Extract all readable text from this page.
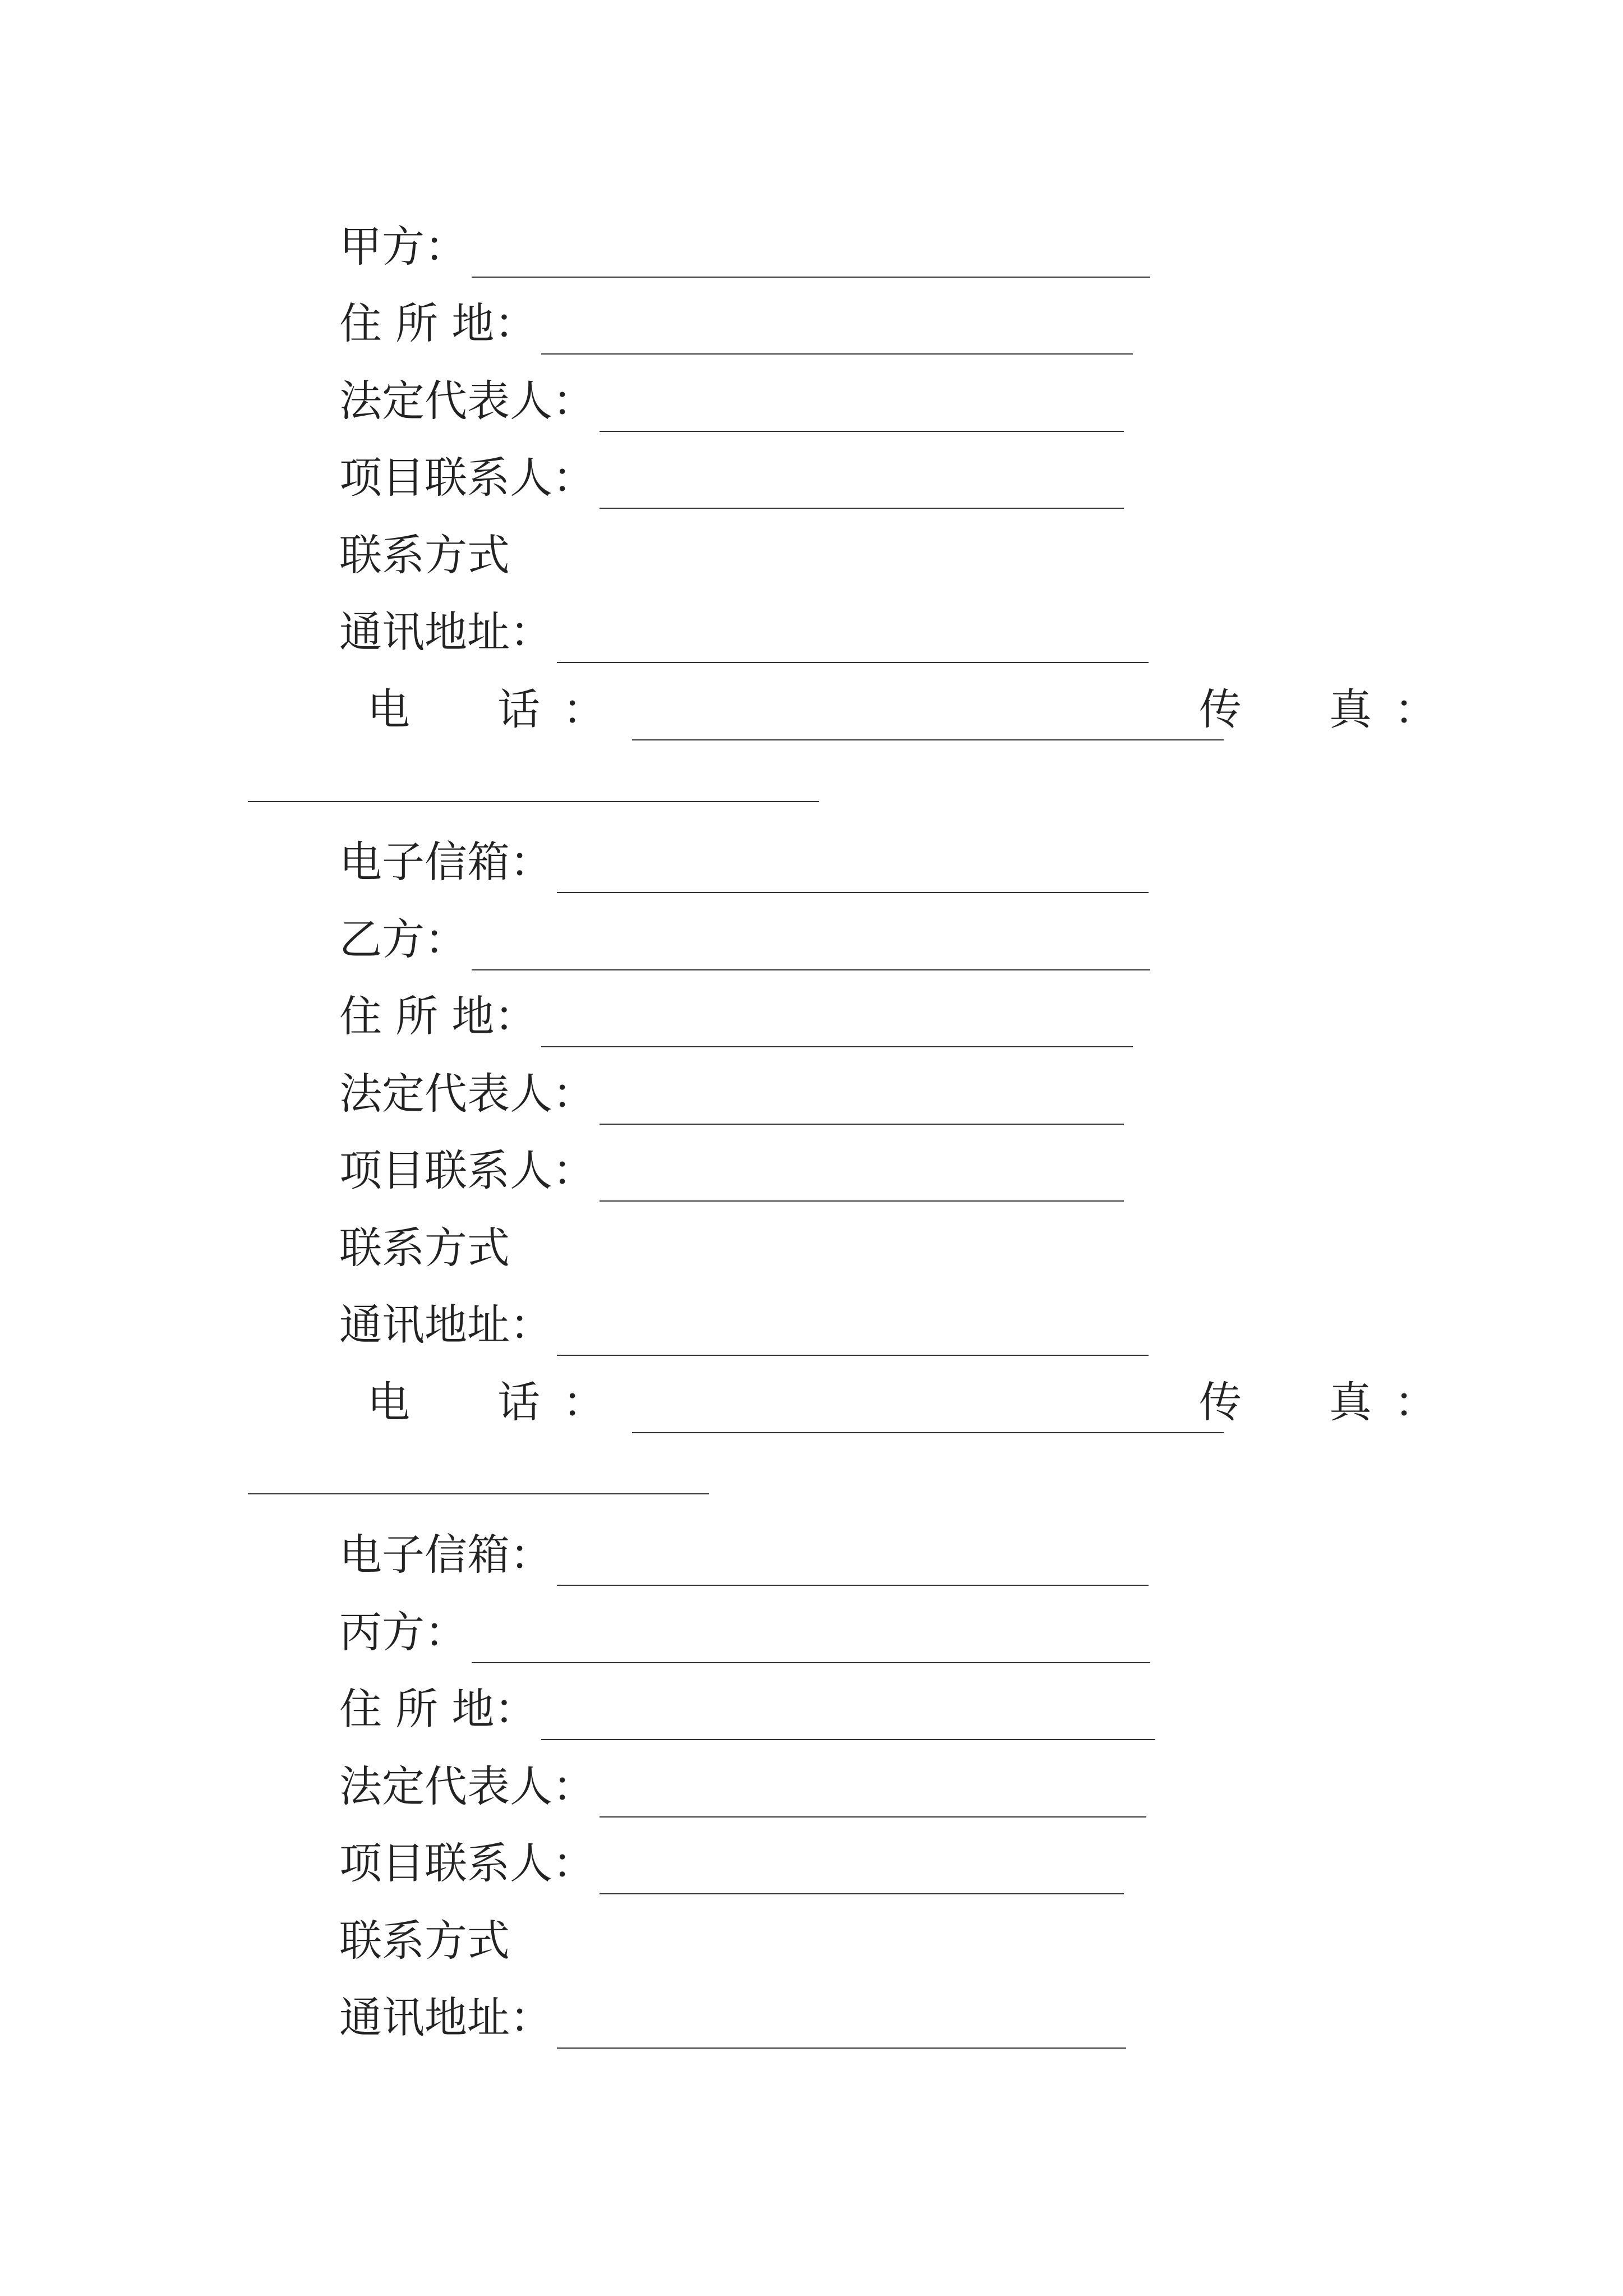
甲方：
住 所 地：
法定代表人：
项目联系人：
联系方式
通讯地址：
电　话：	传　真：
电子信箱：
乙方：
住 所 地：
法定代表人：
项目联系人：
联系方式
通讯地址：
电　话：	传　真：
电子信箱：
丙方：
住 所 地：
法定代表人：
项目联系人：
联系方式
通讯地址：
